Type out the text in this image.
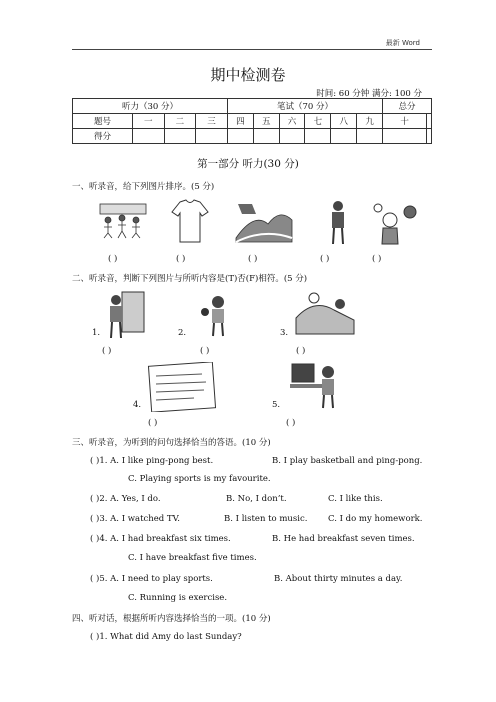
最新 Word
期中检测卷
时间: 60 分钟 满分: 100 分
听力（30 分）				笔试（70 分）						总分	
题号	一	二	三	四	五	六	七	八	九	十	
得分											
第一部分 听力(30 分)
一、听录音，给下列图片排序。(5 分)
( )	( )	( )	( )	( )
二、听录音，判断下列图片与所听内容是(T)否(F)相符。(5 分)
1.	2.	3.
( )	( )	( )
4.	5.
( )	( )
三、听录音，为听到的问句选择恰当的答语。(10 分)
( )1. A. I like ping-pong best.	B. I play basketball and ping-pong.
C. Playing sports is my favourite.
( )2. A. Yes, I do.	B. No, I don’t.	C. I like this.
( )3. A. I watched TV.	B. I listen to music. C. I do my homework.
( )4. A. I had breakfast six times.	B. He had breakfast seven times.
C. I have breakfast five times.
( )5. A. I need to play sports.	B. About thirty minutes a day.
C. Running is exercise.
四、听对话，根据所听内容选择恰当的一项。(10 分)
( )1. What did Amy do last Sunday?
